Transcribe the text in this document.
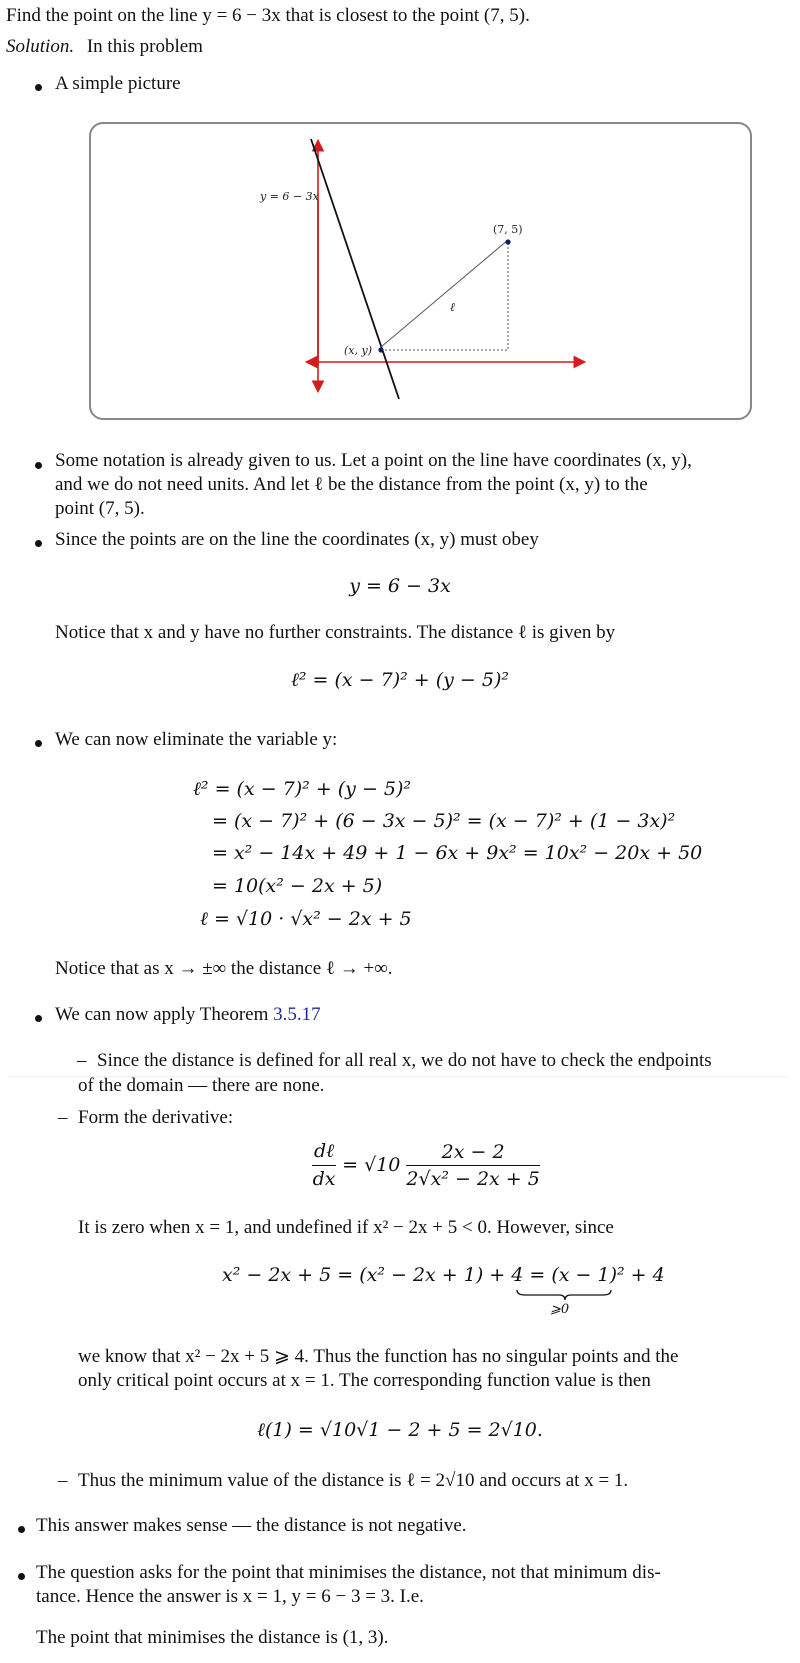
Find the point on the line y = 6 − 3x that is closest to the point (7, 5).
Solution. In this problem
A simple picture
y = 6 − 3x
(7, 5)
(x, y)
ℓ
Some notation is already given to us. Let a point on the line have coordinates (x, y),
and we do not need units. And let ℓ be the distance from the point (x, y) to the
point (7, 5).
Since the points are on the line the coordinates (x, y) must obey
y = 6 − 3x
Notice that x and y have no further constraints. The distance ℓ is given by
ℓ² = (x − 7)² + (y − 5)²
We can now eliminate the variable y:
ℓ² = (x − 7)² + (y − 5)²
= (x − 7)² + (6 − 3x − 5)² = (x − 7)² + (1 − 3x)²
= x² − 14x + 49 + 1 − 6x + 9x² = 10x² − 20x + 50
= 10(x² − 2x + 5)
ℓ = √10 · √x² − 2x + 5
Notice that as x → ±∞ the distance ℓ → +∞.
We can now apply Theorem 3.5.17
– Since the distance is defined for all real x, we do not have to check the endpoints
of the domain — there are none.
– Form the derivative:
$\frac{\text{dℓ}}{dx} = √10 \frac{2x - 2}{\text{2√x² − 2x + 5}}$
It is zero when x = 1, and undefined if x² − 2x + 5 < 0. However, since
x² − 2x + 5 = (x² − 2x + 1) + 4 = (x − 1)² + 4
⩾0
we know that x² − 2x + 5 ⩾ 4. Thus the function has no singular points and the
only critical point occurs at x = 1. The corresponding function value is then
ℓ(1) = √10√1 − 2 + 5 = 2√10.
– Thus the minimum value of the distance is ℓ = 2√10 and occurs at x = 1.
This answer makes sense — the distance is not negative.
The question asks for the point that minimises the distance, not that minimum dis-
tance. Hence the answer is x = 1, y = 6 − 3 = 3. I.e.
The point that minimises the distance is (1, 3).
